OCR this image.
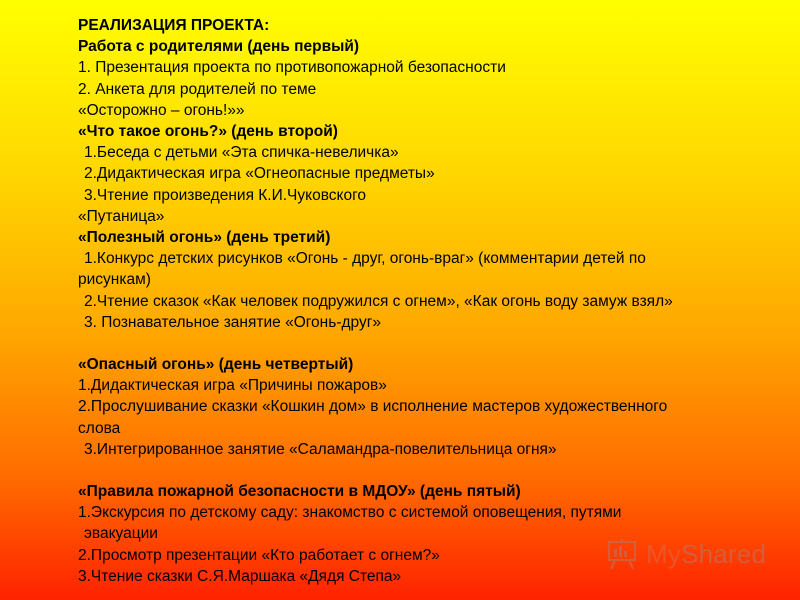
РЕАЛИЗАЦИЯ ПРОЕКТА:

Работа с родителями (день первый)

1. Презентация проекта по противопожарной безопасности

2. Анкета для родителей по теме

«Осторожно – огонь!»»

«Что такое огонь?» (день второй)

1.Беседа с детьми «Эта спичка-невеличка»

2.Дидактическая игра «Огнеопасные предметы»

3.Чтение произведения К.И.Чуковского

«Путаница»

«Полезный огонь» (день третий)

1.Конкурс детских рисунков «Огонь - друг, огонь-враг» (комментарии детей по

рисункам)

2.Чтение сказок «Как человек подружился с огнем», «Как огонь воду замуж взял»

3. Познавательное занятие «Огонь-друг»

«Опасный огонь» (день четвертый)

1.Дидактическая игра «Причины пожаров»

2.Прослушивание сказки «Кошкин дом» в исполнение мастеров художественного

слова

3.Интегрированное занятие «Саламандра-повелительница огня»

«Правила пожарной безопасности в МДОУ» (день пятый)

1.Экскурсия по детскому саду: знакомство с системой оповещения, путями

эвакуации

2.Просмотр презентации «Кто работает с огнем?»

3.Чтение сказки С.Я.Маршака «Дядя Степа»

MyShared
